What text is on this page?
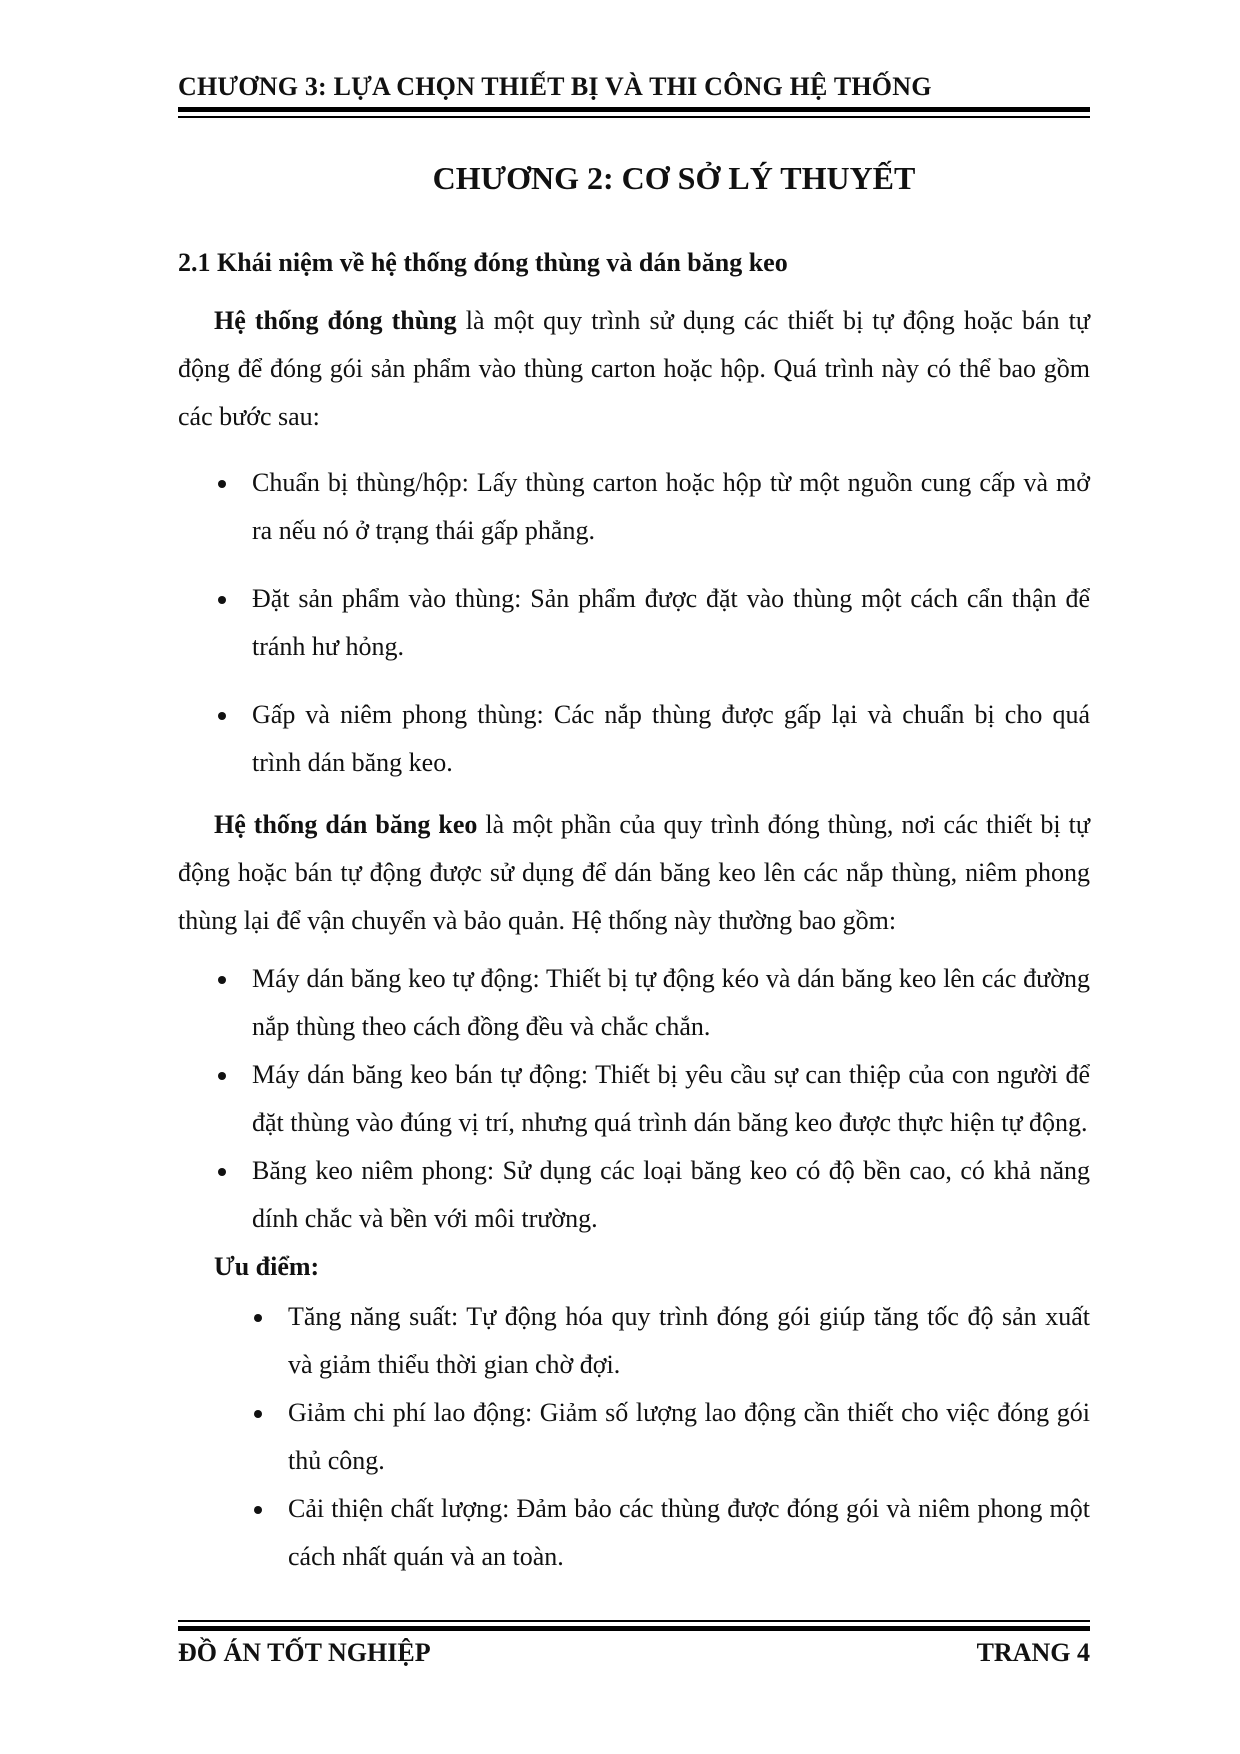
CHƯƠNG 3: LỰA CHỌN THIẾT BỊ VÀ THI CÔNG HỆ THỐNG
CHƯƠNG 2: CƠ SỞ LÝ THUYẾT
2.1 Khái niệm về hệ thống đóng thùng và dán băng keo
Hệ thống đóng thùng là một quy trình sử dụng các thiết bị tự động hoặc bán tự động để đóng gói sản phẩm vào thùng carton hoặc hộp. Quá trình này có thể bao gồm các bước sau:
Chuẩn bị thùng/hộp: Lấy thùng carton hoặc hộp từ một nguồn cung cấp và mở ra nếu nó ở trạng thái gấp phẳng.
Đặt sản phẩm vào thùng: Sản phẩm được đặt vào thùng một cách cẩn thận để tránh hư hỏng.
Gấp và niêm phong thùng: Các nắp thùng được gấp lại và chuẩn bị cho quá trình dán băng keo.
Hệ thống dán băng keo là một phần của quy trình đóng thùng, nơi các thiết bị tự động hoặc bán tự động được sử dụng để dán băng keo lên các nắp thùng, niêm phong thùng lại để vận chuyển và bảo quản. Hệ thống này thường bao gồm:
Máy dán băng keo tự động: Thiết bị tự động kéo và dán băng keo lên các đường nắp thùng theo cách đồng đều và chắc chắn.
Máy dán băng keo bán tự động: Thiết bị yêu cầu sự can thiệp của con người để đặt thùng vào đúng vị trí, nhưng quá trình dán băng keo được thực hiện tự động.
Băng keo niêm phong: Sử dụng các loại băng keo có độ bền cao, có khả năng dính chắc và bền với môi trường.
Ưu điểm:
Tăng năng suất: Tự động hóa quy trình đóng gói giúp tăng tốc độ sản xuất và giảm thiểu thời gian chờ đợi.
Giảm chi phí lao động: Giảm số lượng lao động cần thiết cho việc đóng gói thủ công.
Cải thiện chất lượng: Đảm bảo các thùng được đóng gói và niêm phong một cách nhất quán và an toàn.
ĐỒ ÁN TỐT NGHIỆP	TRANG 4
